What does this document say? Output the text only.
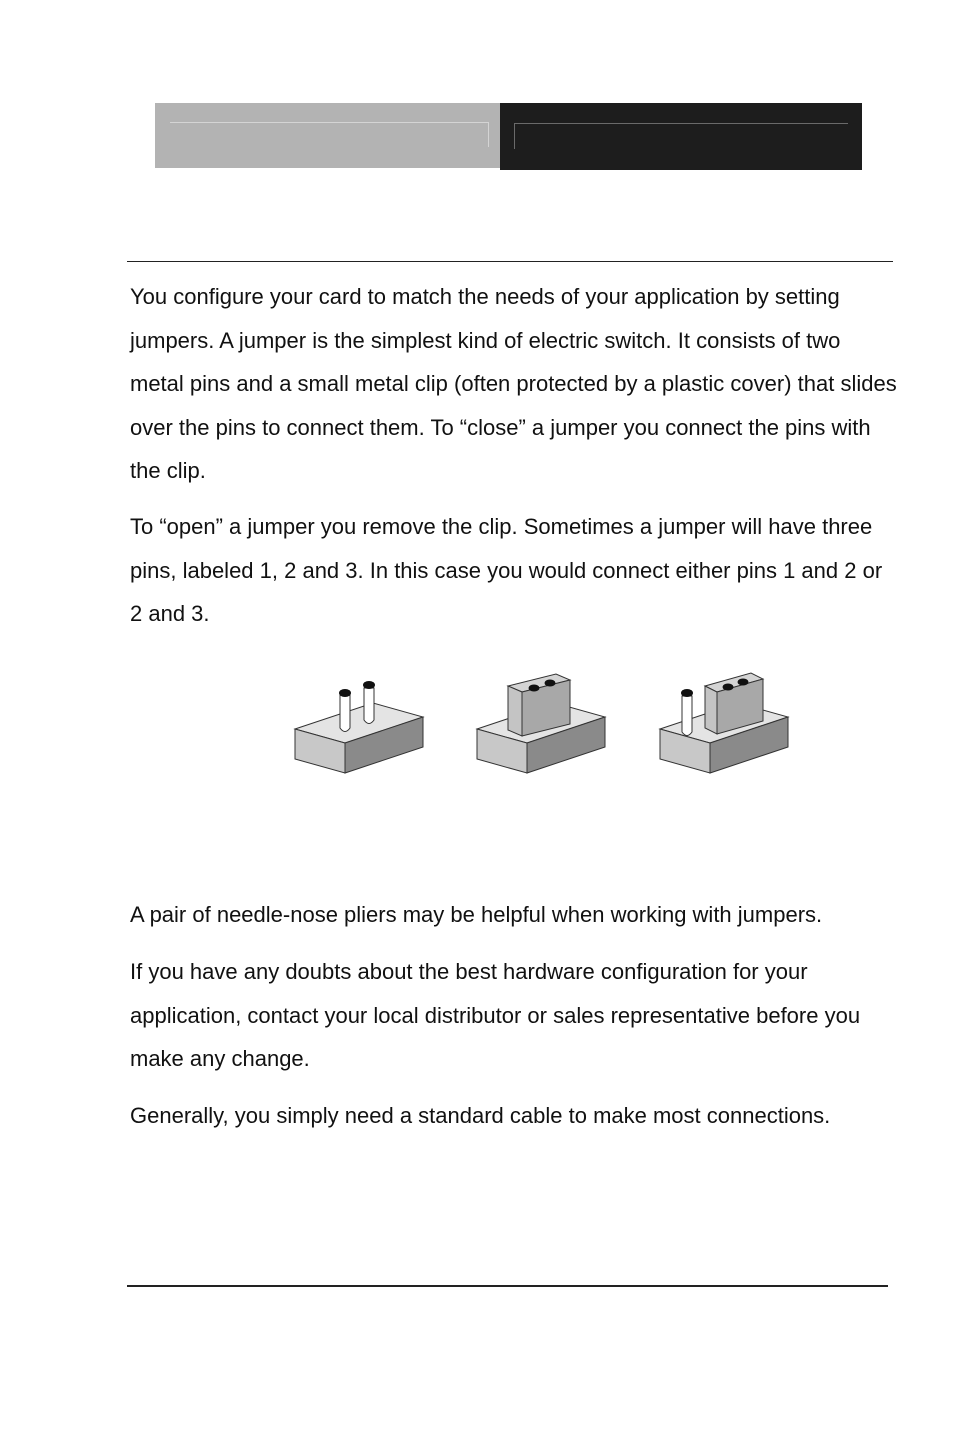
You configure your card to match the needs of your application by setting jumpers. A jumper is the simplest kind of electric switch. It consists of two metal pins and a small metal clip (often protected by a plastic cover) that slides over the pins to connect them. To “close” a jumper you connect the pins with the clip.

To “open” a jumper you remove the clip. Sometimes a jumper will have three pins, labeled 1, 2 and 3. In this case you would connect either pins 1 and 2 or 2 and 3.

A pair of needle-nose pliers may be helpful when working with jumpers.

If you have any doubts about the best hardware configuration for your application, contact your local distributor or sales representative before you make any change.

Generally, you simply need a standard cable to make most connections.
